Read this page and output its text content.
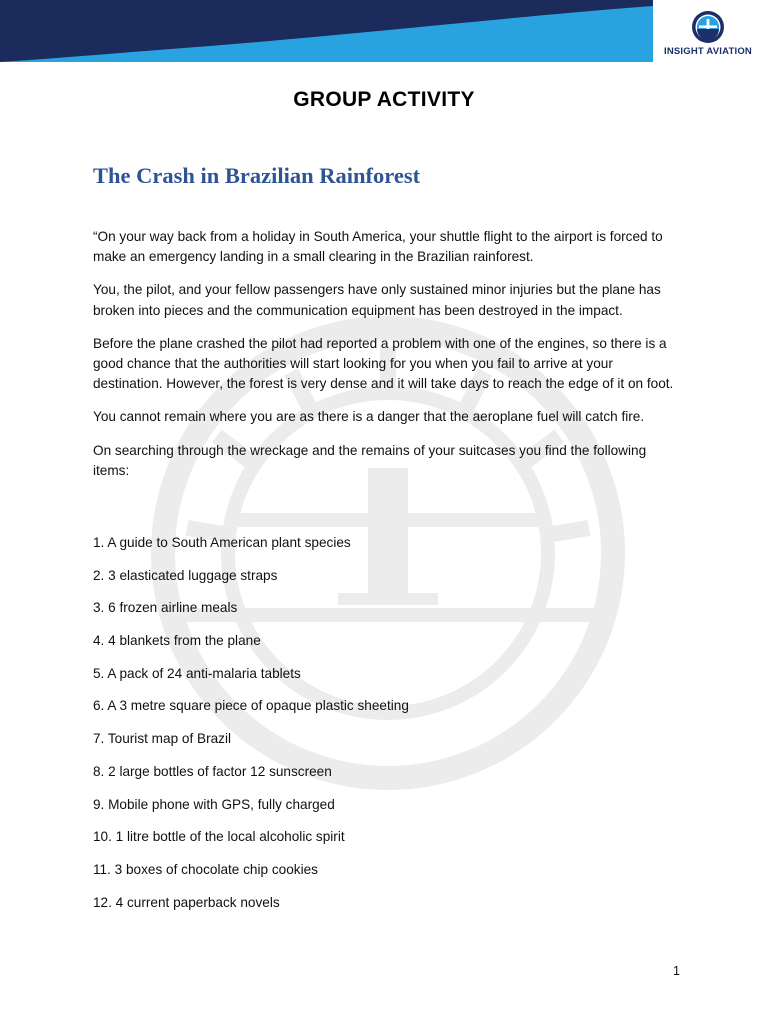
INSIGHT AVIATION
GROUP ACTIVITY
The Crash in Brazilian Rainforest

“On your way back from a holiday in South America, your shuttle flight to the airport is forced to make an emergency landing in a small clearing in the Brazilian rainforest.

You, the pilot, and your fellow passengers have only sustained minor injuries but the plane has broken into pieces and the communication equipment has been destroyed in the impact.

Before the plane crashed the pilot had reported a problem with one of the engines, so there is a good chance that the authorities will start looking for you when you fail to arrive at your destination. However, the forest is very dense and it will take days to reach the edge of it on foot.

You cannot remain where you are as there is a danger that the aeroplane fuel will catch fire.

On searching through the wreckage and the remains of your suitcases you find the following items:

1. A guide to South American plant species
2. 3 elasticated luggage straps
3. 6 frozen airline meals
4. 4 blankets from the plane
5. A pack of 24 anti-malaria tablets
6. A 3 metre square piece of opaque plastic sheeting
7. Tourist map of Brazil
8. 2 large bottles of factor 12 sunscreen
9. Mobile phone with GPS, fully charged
10. 1 litre bottle of the local alcoholic spirit
11. 3 boxes of chocolate chip cookies
12. 4 current paperback novels
1
